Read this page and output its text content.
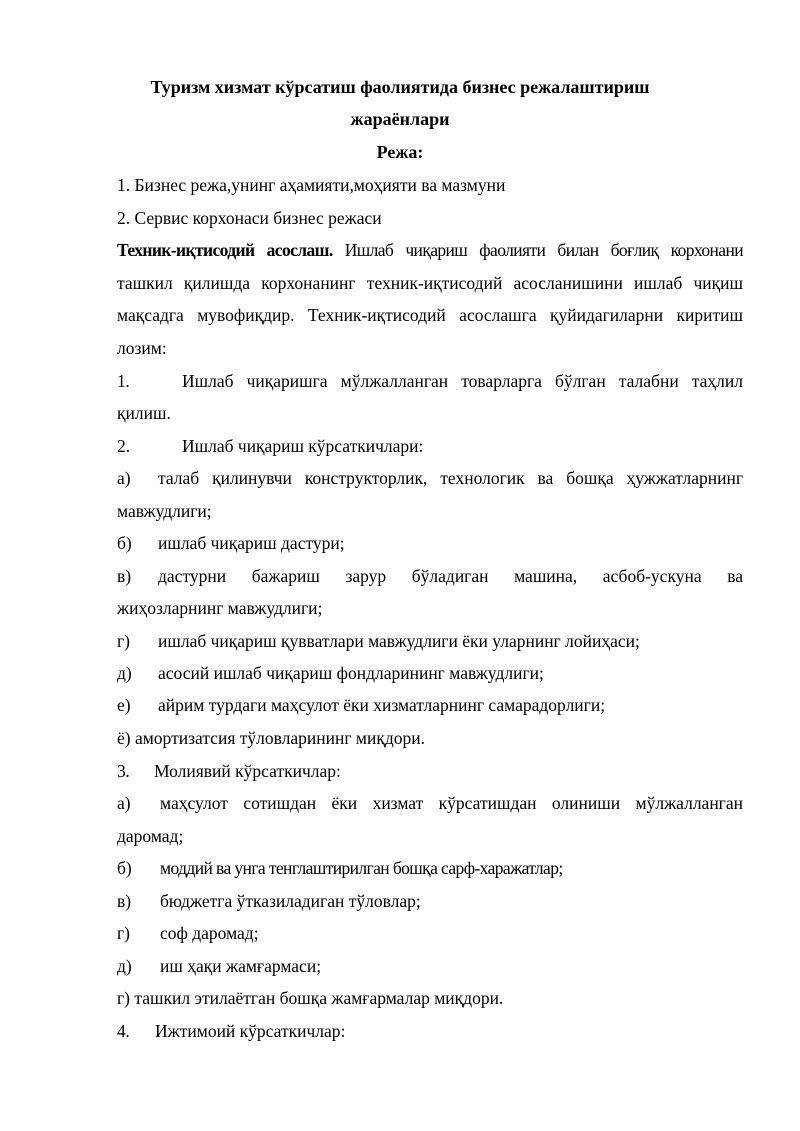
Туризм хизмат кўрсатиш фаолиятида бизнес режалаштириш
жараёнлари
Режа:
1. Бизнес режа,унинг аҳамияти,моҳияти ва мазмуни
2. Сервис корхонаси бизнес режаси
Техник-иқтисодий асослаш. Ишлаб чиқариш фаолияти билан боғлиқ корхонани
ташкил қилишда корхонанинг техник-иқтисодий асосланишини ишлаб чиқиш
мақсадга мувофиқдир. Техник-иқтисодий асослашга қуйидагиларни киритиш
лозим:
1.	Ишлаб чиқаришга мўлжалланган товарларга бўлган талабни таҳлил
қилиш.
2.	Ишлаб чиқариш кўрсаткичлари:
а)	талаб қилинувчи конструкторлик, технологик ва бошқа ҳужжатларнинг
мавжудлиги;
б)	ишлаб чиқариш дастури;
в)	дастурни бажариш зарур бўладиган машина, асбоб-ускуна ва
жиҳозларнинг мавжудлиги;
г)	ишлаб чиқариш қувватлари мавжудлиги ёки уларнинг лойиҳаси;
д)	асосий ишлаб чиқариш фондларининг мавжудлиги;
е)	айрим турдаги маҳсулот ёки хизматларнинг самарадорлиги;
ё) амортизатсия тўловларининг миқдори.
3.	Молиявий кўрсаткичлар:
а)	маҳсулот сотишдан ёки хизмат кўрсатишдан олиниши мўлжалланган
даромад;
б)	моддий ва унга тенглаштирилган бошқа сарф-харажатлар;
в)	бюджетга ўтказиладиган тўловлар;
г)	соф даромад;
д)	иш ҳақи жамғармаси;
г) ташкил этилаётган бошқа жамғармалар миқдори.
4.	Ижтимоий кўрсаткичлар:
